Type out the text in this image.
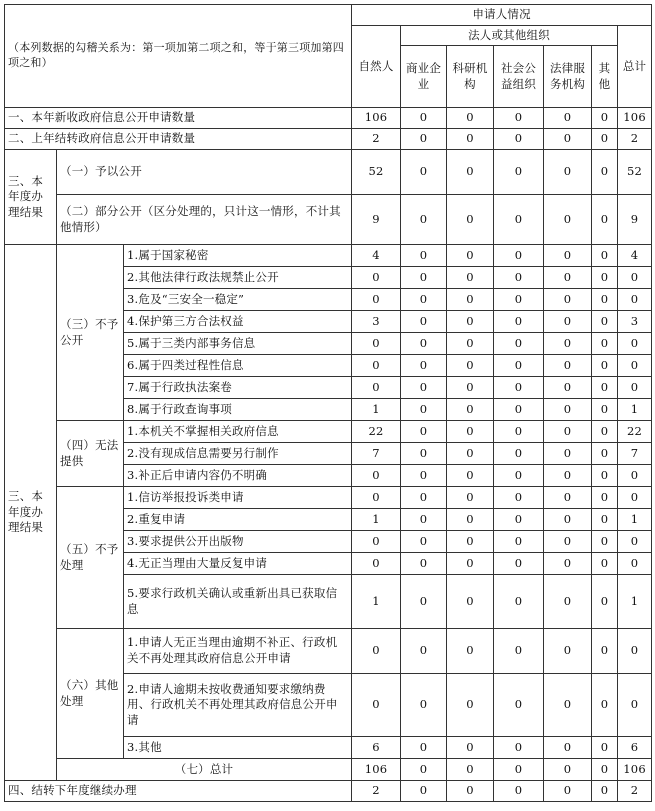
（本列数据的勾稽关系为：第一项加第二项之和，等于第三项加第四项之和）			申请人情况						
			自然人	法人或其他组织					总计
				商业企业	科研机构	社会公益组织	法律服务机构	其他	
一、本年新收政府信息公开申请数量			106	0	0	0	0	0	106
二、上年结转政府信息公开申请数量			2	0	0	0	0	0	2
三、本年度办理结果	（一）予以公开		52	0	0	0	0	0	52
	（二）部分公开（区分处理的，只计这一情形，不计其他情形）		9	0	0	0	0	0	9
三、本年度办理结果	（三）不予公开	1.属于国家秘密	4	0	0	0	0	0	4
		2.其他法律行政法规禁止公开	0	0	0	0	0	0	0
		3.危及“三安全一稳定”	0	0	0	0	0	0	0
		4.保护第三方合法权益	3	0	0	0	0	0	3
		5.属于三类内部事务信息	0	0	0	0	0	0	0
		6.属于四类过程性信息	0	0	0	0	0	0	0
		7.属于行政执法案卷	0	0	0	0	0	0	0
		8.属于行政查询事项	1	0	0	0	0	0	1
	（四）无法提供	1.本机关不掌握相关政府信息	22	0	0	0	0	0	22
		2.没有现成信息需要另行制作	7	0	0	0	0	0	7
		3.补正后申请内容仍不明确	0	0	0	0	0	0	0
	（五）不予处理	1.信访举报投诉类申请	0	0	0	0	0	0	0
		2.重复申请	1	0	0	0	0	0	1
		3.要求提供公开出版物	0	0	0	0	0	0	0
		4.无正当理由大量反复申请	0	0	0	0	0	0	0
		5.要求行政机关确认或重新出具已获取信息	1	0	0	0	0	0	1
	（六）其他处理	1.申请人无正当理由逾期不补正、行政机关不再处理其政府信息公开申请	0	0	0	0	0	0	0
		2.申请人逾期未按收费通知要求缴纳费用、行政机关不再处理其政府信息公开申请	0	0	0	0	0	0	0
		3.其他	6	0	0	0	0	0	6
	（七）总计		106	0	0	0	0	0	106
四、结转下年度继续办理			2	0	0	0	0	0	2
